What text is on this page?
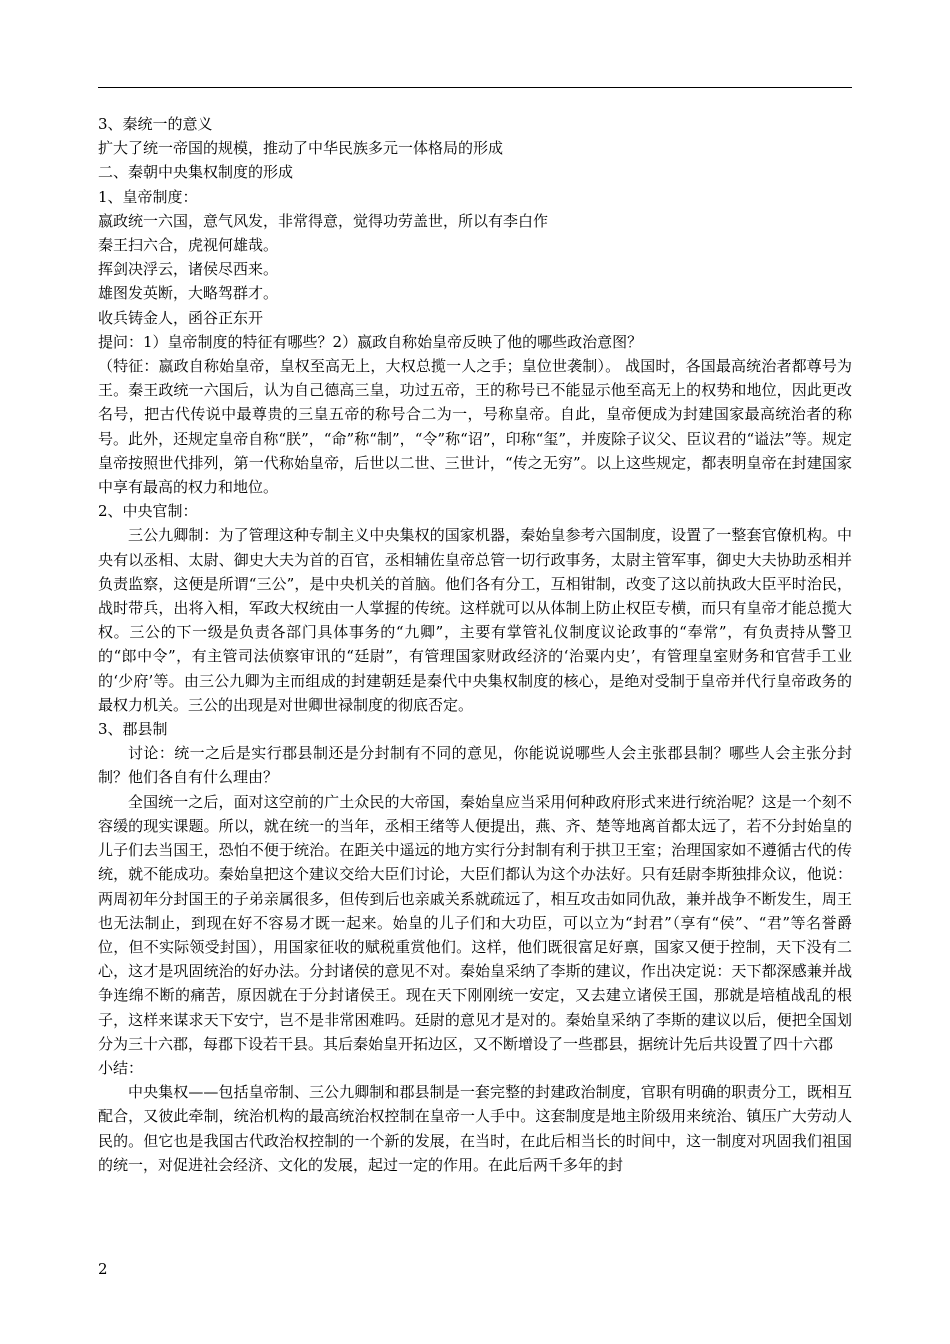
3、秦统一的意义

扩大了统一帝国的规模，推动了中华民族多元一体格局的形成

二、秦朝中央集权制度的形成

1、皇帝制度：

嬴政统一六国，意气风发，非常得意，觉得功劳盖世，所以有李白作

秦王扫六合，虎视何雄哉。

挥剑决浮云，诸侯尽西来。

雄图发英断，大略驾群才。

收兵铸金人，函谷正东开

提问：1）皇帝制度的特征有哪些？2）嬴政自称始皇帝反映了他的哪些政治意图？

（特征：嬴政自称始皇帝，皇权至高无上，大权总揽一人之手；皇位世袭制）。 战国时，各国最高统治者都尊号为王。秦王政统一六国后，认为自己德高三皇，功过五帝，王的称号已不能显示他至高无上的权势和地位，因此更改名号，把古代传说中最尊贵的三皇五帝的称号合二为一，号称皇帝。自此，皇帝便成为封建国家最高统治者的称号。此外，还规定皇帝自称“朕”，“命”称“制”，“令”称“诏”，印称“玺”，并废除子议父、臣议君的“谥法”等。规定皇帝按照世代排列，第一代称始皇帝，后世以二世、三世计，“传之无穷”。以上这些规定，都表明皇帝在封建国家中享有最高的权力和地位。

2、中央官制：

三公九卿制：为了管理这种专制主义中央集权的国家机器，秦始皇参考六国制度，设置了一整套官僚机构。中央有以丞相、太尉、御史大夫为首的百官，丞相辅佐皇帝总管一切行政事务，太尉主管军事，御史大夫协助丞相并负责监察，这便是所谓“三公”，是中央机关的首脑。他们各有分工，互相钳制，改变了这以前执政大臣平时治民，战时带兵，出将入相，军政大权统由一人掌握的传统。这样就可以从体制上防止权臣专横，而只有皇帝才能总揽大权。三公的下一级是负责各部门具体事务的“九卿”，主要有掌管礼仪制度议论政事的“奉常”，有负责持从警卫的“郎中令”，有主管司法侦察审讯的“廷尉”，有管理国家财政经济的‘治粟内史’，有管理皇室财务和官营手工业的‘少府’等。由三公九卿为主而组成的封建朝廷是秦代中央集权制度的核心，是绝对受制于皇帝并代行皇帝政务的最权力机关。三公的出现是对世卿世禄制度的彻底否定。

3、郡县制

讨论：统一之后是实行郡县制还是分封制有不同的意见，你能说说哪些人会主张郡县制？哪些人会主张分封制？他们各自有什么理由？

全国统一之后，面对这空前的广土众民的大帝国，秦始皇应当采用何种政府形式来进行统治呢？这是一个刻不容缓的现实课题。所以，就在统一的当年，丞相王绪等人便提出，燕、齐、楚等地离首都太远了，若不分封始皇的儿子们去当国王，恐怕不便于统治。在距关中遥远的地方实行分封制有利于拱卫王室；治理国家如不遵循古代的传统，就不能成功。秦始皇把这个建议交给大臣们讨论，大臣们都认为这个办法好。只有廷尉李斯独排众议，他说：两周初年分封国王的子弟亲属很多，但传到后也亲戚关系就疏远了，相互攻击如同仇敌，兼并战争不断发生，周王也无法制止，到现在好不容易才既一起来。始皇的儿子们和大功臣，可以立为“封君”（享有“侯”、“君”等名誉爵位，但不实际领受封国），用国家征收的赋税重赏他们。这样，他们既很富足好禀，国家又便于控制，天下没有二心，这才是巩固统治的好办法。分封诸侯的意见不对。秦始皇采纳了李斯的建议，作出决定说：天下都深感兼并战争连绵不断的痛苦，原因就在于分封诸侯王。现在天下刚刚统一安定，又去建立诸侯王国，那就是培植战乱的根子，这样来谋求天下安宁，岂不是非常困难吗。廷尉的意见才是对的。秦始皇采纳了李斯的建议以后，便把全国划分为三十六郡，每郡下设若干县。其后秦始皇开拓边区，又不断增设了一些郡县，据统计先后共设置了四十六郡

小结：

中央集权——包括皇帝制、三公九卿制和郡县制是一套完整的封建政治制度，官职有明确的职责分工，既相互配合，又彼此牵制，统治机构的最高统治权控制在皇帝一人手中。这套制度是地主阶级用来统治、镇压广大劳动人民的。但它也是我国古代政治权控制的一个新的发展，在当时，在此后相当长的时间中，这一制度对巩固我们祖国的统一，对促进社会经济、文化的发展，起过一定的作用。在此后两千多年的封

2
